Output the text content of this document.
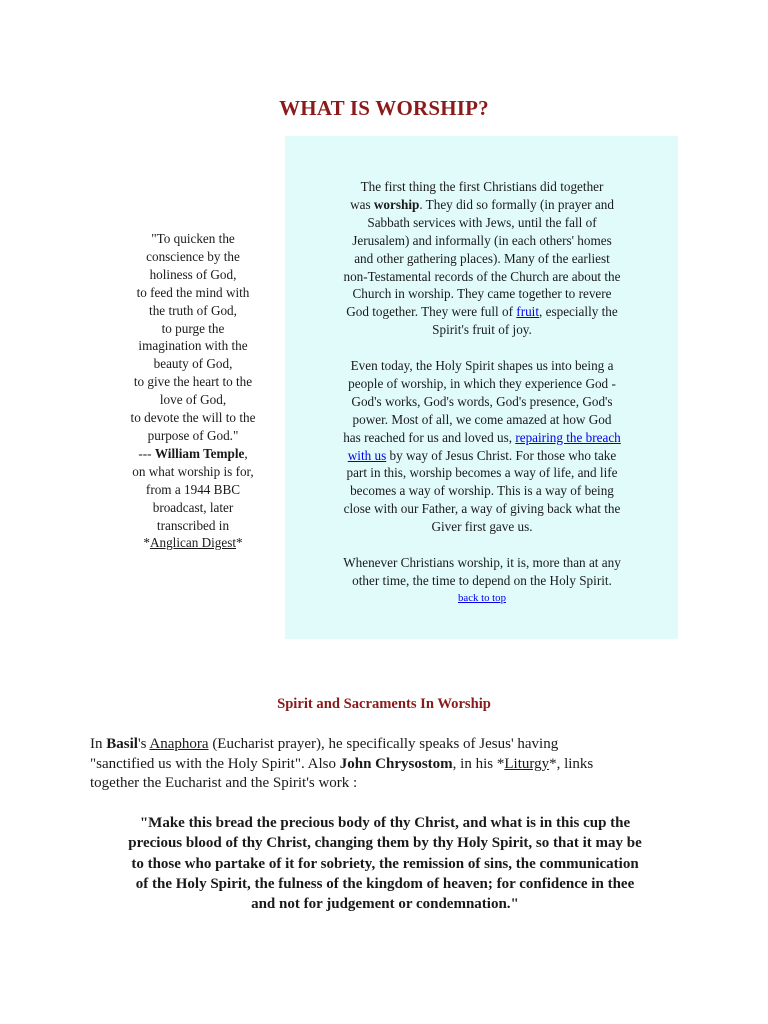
WHAT IS WORSHIP?
"To quicken the
conscience by the
holiness of God,
to feed the mind with
the truth of God,
to purge the
imagination with the
beauty of God,
to give the heart to the
love of God,
to devote the will to the
purpose of God."
--- William Temple,
on what worship is for,
from a 1944 BBC
broadcast, later
transcribed in
*Anglican Digest*
The first thing the first Christians did together
was worship. They did so formally (in prayer and
Sabbath services with Jews, until the fall of
Jerusalem) and informally (in each others' homes
and other gathering places). Many of the earliest
non-Testamental records of the Church are about the
Church in worship. They came together to revere
God together. They were full of fruit, especially the
Spirit's fruit of joy.
Even today, the Holy Spirit shapes us into being a
people of worship, in which they experience God -
God's works, God's words, God's presence, God's
power. Most of all, we come amazed at how God
has reached for us and loved us, repairing the breach
with us by way of Jesus Christ. For those who take
part in this, worship becomes a way of life, and life
becomes a way of worship. This is a way of being
close with our Father, a way of giving back what the
Giver first gave us.
Whenever Christians worship, it is, more than at any
other time, the time to depend on the Holy Spirit.
back to top
Spirit and Sacraments In Worship
In Basil's Anaphora (Eucharist prayer), he specifically speaks of Jesus' having
"sanctified us with the Holy Spirit". Also John Chrysostom, in his *Liturgy*, links
together the Eucharist and the Spirit's work :
"Make this bread the precious body of thy Christ, and what is in this cup the
precious blood of thy Christ, changing them by thy Holy Spirit, so that it may be
to those who partake of it for sobriety, the remission of sins, the communication
of the Holy Spirit, the fulness of the kingdom of heaven; for confidence in thee
and not for judgement or condemnation."
